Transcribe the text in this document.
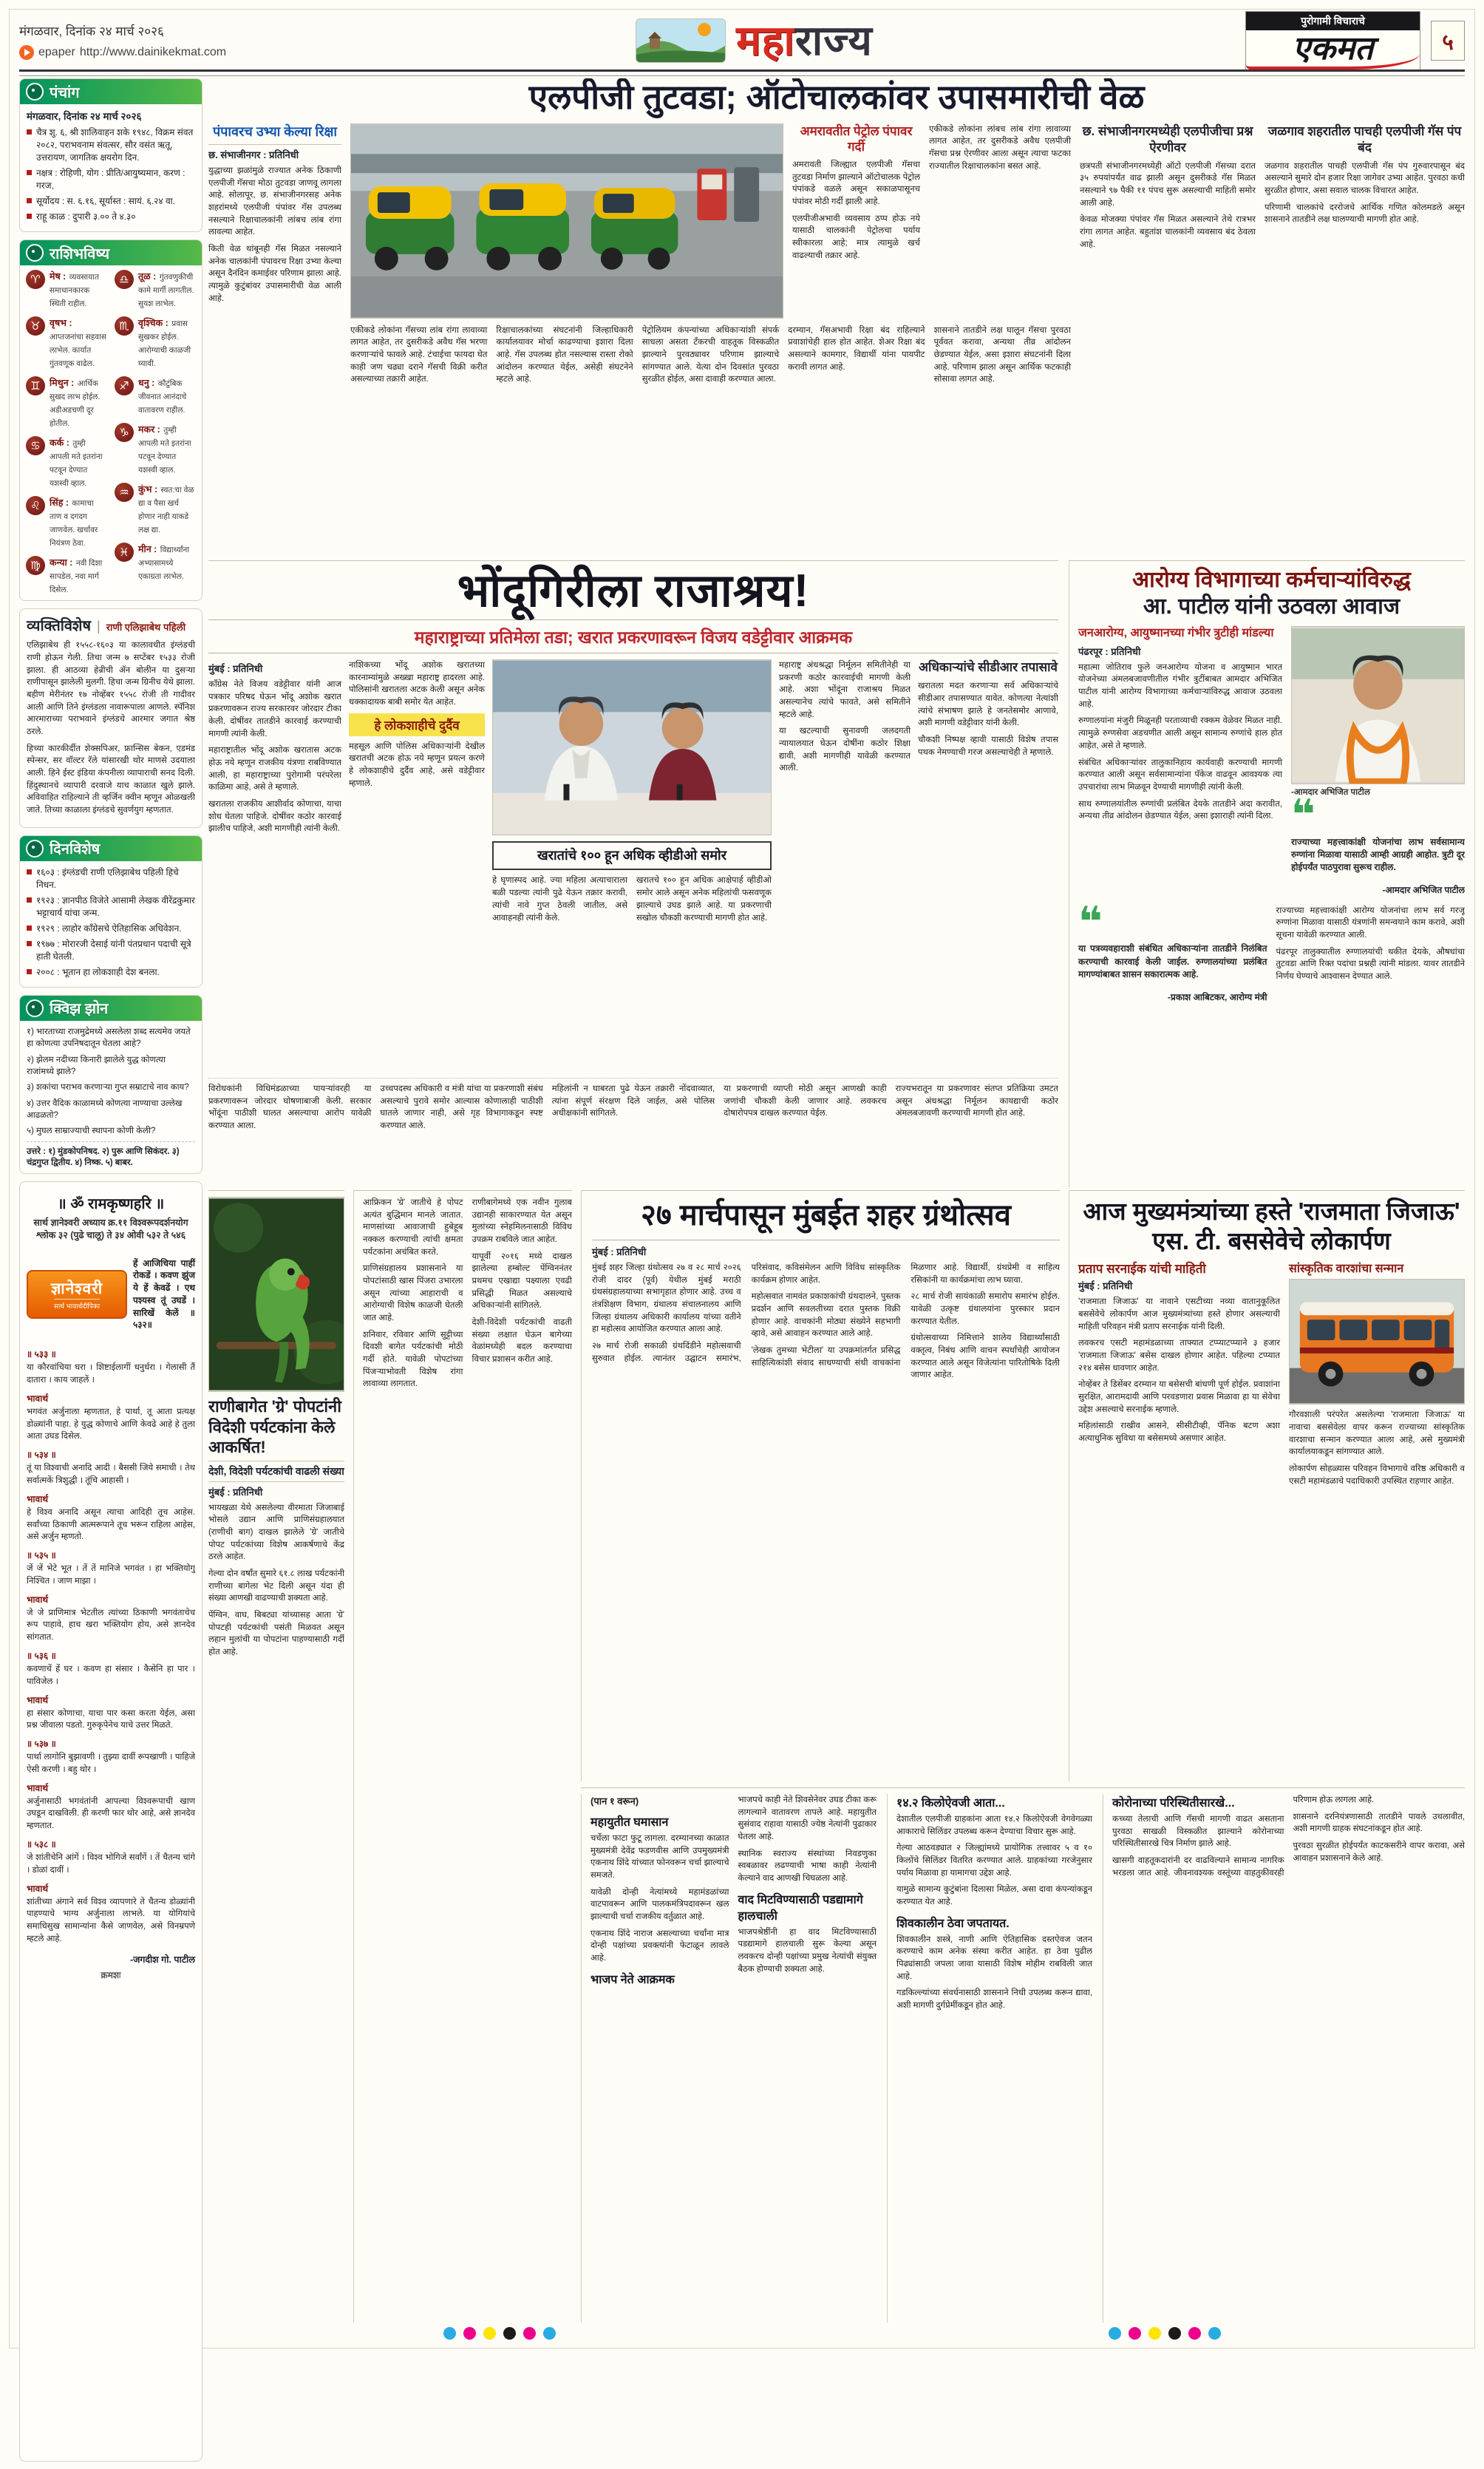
मंगळवार, दिनांक २४ मार्च २०२६
epaper http://www.dainikekmat.com	महाराज्य	पुरोगामी विचाराचे
एकमत	५
पंचांग
मंगळवार, दिनांक २४ मार्च २०२६
चैत्र शु. ६, श्री शालिवाहन शके १९४८, विक्रम संवत २०८२, पराभवनाम संवत्सर, सौर वसंत ऋतू, उत्तरायण, जागतिक क्षयरोग दिन.
नक्षत्र : रोहिणी, योग : प्रीति/आयुष्यमान, करण : गरज,
सूर्योदय : स. ६.१६, सूर्यास्त : सायं. ६.२४ वा.
राहू काळ : दुपारी ३.०० ते ४.३०
राशिभविष्य
♈ मेष : व्यवसायात समाधानकारक स्थिती राहील.
♉ वृषभ : आप्तजनांचा सहवास लाभेल. कार्यात गुंतवणूक वाढेल.
♊ मिथुन : आर्थिक सुखद लाभ होईल. अडीअडचणी दूर होतील.
♋ कर्क : तुम्ही आपली मते इतरांना पटवून देण्यात यशस्वी व्हाल.
♌ सिंह : कामाचा ताण व दगदग जाणवेल. खर्चावर नियंत्रण ठेवा.
♍ कन्या : नवी दिशा सापडेल, नवा मार्ग दिसेल.
♎ तूळ : गुंतवणुकीची कामे मार्गी लागतील. सुयश लाभेल.
♏ वृश्चिक : प्रवास सुखकर होईल. आरोग्याची काळजी घ्यावी.
♐ धनु : कौटुंबिक जीवनात आनंदाचे वातावरण राहील.
♑ मकर : तुम्ही आपली मते इतरांना पटवून देण्यात यशस्वी व्हाल.
♒ कुंभ : स्वत:चा वेळ द्या व पैसा खर्च होणार नाही याकडे लक्ष द्या.
♓ मीन : विद्यार्थ्यांना अभ्यासामध्ये एकाग्रता लाभेल.
व्यक्तिविशेष | राणी एलिझाबेथ पहिली

एलिझाबेथ ही १५५८-१६०३ या कालावधीत इंग्लंडची राणी होऊन गेली. तिचा जन्म ७ सप्टेंबर १५३३ रोजी झाला. ही आठव्या हेन्रीची ॲन बोलीन या दुसऱ्या राणीपासून झालेली मुलगी. हिचा जन्म ग्रिनीच येथे झाला. बहीण मेरीनंतर १७ नोव्हेंबर १५५८ रोजी ती गादीवर आली आणि तिने इंग्लंडला नावारूपाला आणले. स्पॅनिश आरमाराच्या पराभवाने इंग्लंडचे आरमार जगात श्रेष्ठ ठरले.

हिच्या कारकीर्दीत शेक्सपिअर, फ्रान्सिस बेकन, एडमंड स्पेन्सर, सर वॉल्टर रॅले यांसारखी थोर माणसे उदयाला आली. हिने ईस्ट इंडिया कंपनीला व्यापाराची सनद दिली. हिंदुस्थानचे व्यापारी दरवाजे याच काळात खुले झाले. अविवाहित राहिल्याने ती व्हर्जिन क्वीन म्हणून ओळखली जाते. तिच्या काळाला इंग्लंडचे सुवर्णयुग म्हणतात.

दिनविशेष
१६०३ : इंग्लंडची राणी एलिझाबेथ पहिली हिचे निधन.
१९२३ : ज्ञानपीठ विजेते आसामी लेखक वीरेंद्रकुमार भट्टाचार्य यांचा जन्म.
१९२९ : लाहोर काँग्रेसचे ऐतिहासिक अधिवेशन.
१९७७ : मोरारजी देसाई यांनी पंतप्रधान पदाची सूत्रे हाती घेतली.
२००८ : भूतान हा लोकशाही देश बनला.
क्विझ झोन
१) भारताच्या राजमुद्रेमध्ये असलेला शब्द सत्यमेव जयते हा कोणत्या उपनिषदातून घेतला आहे?
२) झेलम नदीच्या किनारी झालेले युद्ध कोणत्या राजांमध्ये झाले?
३) शकांचा पराभव करणाऱ्या गुप्त सम्राटाचे नाव काय?
४) उत्तर वैदिक काळामध्ये कोणत्या नाण्याचा उल्लेख आढळतो?
५) मुघल साम्राज्याची स्थापना कोणी केली?
उत्तरे : १) मुंडकोपनिषद. २) पुरू आणि सिकंदर. ३) चंद्रगुप्त द्वितीय. ४) निष्क. ५) बाबर.
॥ ॐ रामकृष्णहरि ॥
सार्थ ज्ञानेश्वरी अध्याय क्र.११ विश्वरूपदर्शनयोग
श्लोक ३२ (पुढे चालू) ते ३४ ओवी ५३२ ते ५४६
ज्ञानेश्वरी
सार्थ भावार्थदीपिका

हें आजिचिया पाहीं रोकडें । कवण झुंज ये हें केवढें । एथ पश्यस्व तूं उघडें । सारिखें केलें ॥५३२॥

॥ ५३३ ॥

या कौरवांचिया घरा । शिष्टाईलागीं धनुर्धरा । गेलासी तैं दातारा । काय जाहलें ।

भावार्थ

भगवंत अर्जुनाला म्हणतात, हे पार्था, तू आता प्रत्यक्ष डोळ्यांनी पाहा. हे युद्ध कोणाचे आणि केवढे आहे हे तुला आता उघड दिसेल.

॥ ५३४ ॥

तूं या विश्वाची अनादि आदी । बैससी जिये समाधी । तेथ सर्वात्मकें त्रिशुद्धी । तूंचि आहासी ।

भावार्थ

हे विश्व अनादि असून त्याचा आदिही तूच आहेस. सर्वांच्या ठिकाणी आत्मरूपाने तूच भरून राहिला आहेस, असे अर्जुन म्हणतो.

॥ ५३५ ॥

जें जें भेटे भूत । तें तें मानिजे भगवंत । हा भक्तियोगु निश्चित । जाण माझा ।

भावार्थ

जे जे प्राणिमात्र भेटतील त्यांच्या ठिकाणी भगवंताचेच रूप पाहावे, हाच खरा भक्तियोग होय, असे ज्ञानदेव सांगतात.

॥ ५३६ ॥

कवणाचें हें घर । कवण हा संसार । कैसेनि हा पार । पाविजेल ।

भावार्थ

हा संसार कोणाचा, याचा पार कसा करता येईल, असा प्रश्न जीवाला पडतो. गुरुकृपेनेच याचे उत्तर मिळते.

॥ ५३७ ॥

पार्था लागोनि बुझावणी । तुझ्या दावीं रूपखाणी । पाहिजे ऐसी करणी । बहु थोर ।

भावार्थ

अर्जुनासाठी भगवंतांनी आपल्या विश्वरूपाची खाण उघडून दाखविली. ही करणी फार थोर आहे, असे ज्ञानदेव म्हणतात.

॥ ५३८ ॥

जे शांतीचेनि आंगें । विश्व भोगिजे सर्वांगें । तें चैतन्य चांगे । डोळां दावीं ।

भावार्थ

शांतीच्या अंगाने सर्व विश्व व्यापणारे ते चैतन्य डोळ्यांनी पाहण्याचे भाग्य अर्जुनाला लाभले. या योगियांचे समाधिसुख सामान्यांना कैसे जाणवेल, असे विनम्रपणे म्हटले आहे.

-जगदीश गो. पाटील
क्रमशः
एलपीजी तुटवडा; ऑटोचालकांवर उपासमारीची वेळ
पंपावरच उभ्या केल्या रिक्षा
छ. संभाजीनगर : प्रतिनिधी

युद्धाच्या झळांमुळे राज्यात अनेक ठिकाणी एलपीजी गॅसचा मोठा तुटवडा जाणवू लागला आहे. सोलापूर, छ. संभाजीनगरसह अनेक शहरांमध्ये एलपीजी पंपांवर गॅस उपलब्ध नसल्याने रिक्षाचालकांनी लांबच लांब रांगा लावल्या आहेत.

किती वेळ थांबूनही गॅस मिळत नसल्याने अनेक चालकांनी पंपावरच रिक्षा उभ्या केल्या असून दैनंदिन कमाईवर परिणाम झाला आहे. त्यामुळे कुटुंबांवर उपासमारीची वेळ आली आहे.

अमरावतीत पेट्रोल पंपावर गर्दी

अमरावती जिल्ह्यात एलपीजी गॅसचा तुटवडा निर्माण झाल्याने ऑटोचालक पेट्रोल पंपांकडे वळले असून सकाळपासूनच पंपांवर मोठी गर्दी झाली आहे.

एलपीजीअभावी व्यवसाय ठप्प होऊ नये यासाठी चालकांनी पेट्रोलचा पर्याय स्वीकारला आहे; मात्र त्यामुळे खर्च वाढल्याची तक्रार आहे.

एकीकडे लोकांना लांबच लांब रांगा लावाव्या लागत आहेत, तर दुसरीकडे अवैध एलपीजी गॅसचा प्रश्न ऐरणीवर आला असून त्याचा फटका राज्यातील रिक्षाचालकांना बसत आहे.

छ. संभाजीनगरमध्येही एलपीजीचा प्रश्न ऐरणीवर

छत्रपती संभाजीनगरमध्येही ऑटो एलपीजी गॅसच्या दरात ३५ रुपयांपर्यंत वाढ झाली असून दुसरीकडे गॅस मिळत नसल्याने ९७ पैकी ११ पंपच सुरू असल्याची माहिती समोर आली आहे.

केवळ मोजक्या पंपांवर गॅस मिळत असल्याने तेथे रात्रभर रांगा लागत आहेत. बहुतांश चालकांनी व्यवसाय बंद ठेवला आहे.

जळगाव शहरातील पाचही एलपीजी गॅस पंप बंद

जळगाव शहरातील पाचही एलपीजी गॅस पंप गुरुवारपासून बंद असल्याने सुमारे दोन हजार रिक्षा जागेवर उभ्या आहेत. पुरवठा कधी सुरळीत होणार, असा सवाल चालक विचारत आहेत.

परिणामी चालकांचे दररोजचे आर्थिक गणित कोलमडले असून शासनाने तातडीने लक्ष घालण्याची मागणी होत आहे.

एकीकडे लोकांना गॅसच्या लांब रांगा लावाव्या लागत आहेत, तर दुसरीकडे अवैध गॅस भरणा करणाऱ्यांचे फावले आहे. टंचाईचा फायदा घेत काही जण चढ्या दराने गॅसची विक्री करीत असल्याच्या तक्रारी आहेत.

रिक्षाचालकांच्या संघटनांनी जिल्हाधिकारी कार्यालयावर मोर्चा काढण्याचा इशारा दिला आहे. गॅस उपलब्ध होत नसल्यास रास्ता रोको आंदोलन करण्यात येईल, असेही संघटनेने म्हटले आहे.

पेट्रोलियम कंपन्यांच्या अधिकाऱ्यांशी संपर्क साधला असता टँकरची वाहतूक विस्कळीत झाल्याने पुरवठ्यावर परिणाम झाल्याचे सांगण्यात आले. येत्या दोन दिवसांत पुरवठा सुरळीत होईल, असा दावाही करण्यात आला.

दरम्यान, गॅसअभावी रिक्षा बंद राहिल्याने प्रवाशांचेही हाल होत आहेत. शेअर रिक्षा बंद असल्याने कामगार, विद्यार्थी यांना पायपीट करावी लागत आहे.

शासनाने तातडीने लक्ष घालून गॅसचा पुरवठा पूर्ववत करावा, अन्यथा तीव्र आंदोलन छेडण्यात येईल, असा इशारा संघटनांनी दिला आहे. परिणाम झाला असून आर्थिक फटकाही सोसावा लागत आहे.

भोंदूगिरीला राजाश्रय!
महाराष्ट्राच्या प्रतिमेला तडा; खरात प्रकरणावरून विजय वडेट्टीवार आक्रमक
मुंबई : प्रतिनिधी

काँग्रेस नेते विजय वडेट्टीवार यांनी आज पत्रकार परिषद घेऊन भोंदू अशोक खरात प्रकरणावरून राज्य सरकारवर जोरदार टीका केली. दोषींवर तातडीने कारवाई करण्याची मागणी त्यांनी केली.

महाराष्ट्रातील भोंदू अशोक खरातास अटक होऊ नये म्हणून राजकीय यंत्रणा राबविण्यात आली, हा महाराष्ट्राच्या पुरोगामी परंपरेला काळिमा आहे, असे ते म्हणाले.

खरातला राजकीय आशीर्वाद कोणाचा, याचा शोध घेतला पाहिजे. दोषींवर कठोर कारवाई झालीच पाहिजे, अशी मागणीही त्यांनी केली.

नाशिकच्या भोंदू अशोक खरातच्या कारनाम्यांमुळे अख्खा महाराष्ट्र हादरला आहे. पोलिसांनी खरातला अटक केली असून अनेक धक्कादायक बाबी समोर येत आहेत.

हे लोकशाहीचे दुर्दैव

महसूल आणि पोलिस अधिकाऱ्यांनी देखील खरातची अटक होऊ नये म्हणून प्रयत्न करणे हे लोकशाहीचे दुर्दैव आहे, असे वडेट्टीवार म्हणाले.

खरातांचे १०० हून अधिक व्हीडीओ समोर

हे घृणास्पद आहे. ज्या महिला अत्याचाराला बळी पडल्या त्यांनी पुढे येऊन तक्रार करावी, त्यांची नावे गुप्त ठेवली जातील, असे आवाहनही त्यांनी केले.

खरातचे १०० हून अधिक आक्षेपार्ह व्हीडीओ समोर आले असून अनेक महिलांची फसवणूक झाल्याचे उघड झाले आहे. या प्रकरणाची सखोल चौकशी करण्याची मागणी होत आहे.

महाराष्ट्र अंधश्रद्धा निर्मूलन समितीनेही या प्रकरणी कठोर कारवाईची मागणी केली आहे. अशा भोंदूंना राजाश्रय मिळत असल्यानेच त्यांचे फावते, असे समितीने म्हटले आहे.

या खटल्याची सुनावणी जलदगती न्यायालयात घेऊन दोषींना कठोर शिक्षा द्यावी, अशी मागणीही यावेळी करण्यात आली.

अधिकाऱ्यांचे सीडीआर तपासावे

खरातला मदत करणाऱ्या सर्व अधिकाऱ्यांचे सीडीआर तपासण्यात यावेत. कोणत्या नेत्यांशी त्यांचे संभाषण झाले हे जनतेसमोर आणावे, अशी मागणी वडेट्टीवार यांनी केली.

चौकशी निष्पक्ष व्हावी यासाठी विशेष तपास पथक नेमण्याची गरज असल्याचेही ते म्हणाले.

विरोधकांनी विधिमंडळाच्या पायऱ्यांवरही या प्रकरणावरून जोरदार घोषणाबाजी केली. सरकार भोंदूंना पाठीशी घालत असल्याचा आरोप यावेळी करण्यात आला.

उच्चपदस्थ अधिकारी व मंत्री यांचा या प्रकरणाशी संबंध असल्याचे पुरावे समोर आल्यास कोणालाही पाठीशी घातले जाणार नाही, असे गृह विभागाकडून स्पष्ट करण्यात आले.

महिलांनी न घाबरता पुढे येऊन तक्रारी नोंदवाव्यात, त्यांना संपूर्ण संरक्षण दिले जाईल, असे पोलिस अधीक्षकांनी सांगितले.

या प्रकरणाची व्याप्ती मोठी असून आणखी काही जणांची चौकशी केली जाणार आहे. लवकरच दोषारोपपत्र दाखल करण्यात येईल.

राज्यभरातून या प्रकरणावर संतप्त प्रतिक्रिया उमटत असून अंधश्रद्धा निर्मूलन कायद्याची कठोर अंमलबजावणी करण्याची मागणी होत आहे.

आरोग्य विभागाच्या कर्मचाऱ्यांविरुद्ध
आ. पाटील यांनी उठवला आवाज
जनआरोग्य, आयुष्मानच्या गंभीर त्रुटीही मांडल्या
पंढरपूर : प्रतिनिधी

महात्मा जोतिराव फुले जनआरोग्य योजना व आयुष्मान भारत योजनेच्या अंमलबजावणीतील गंभीर त्रुटींबाबत आमदार अभिजित पाटील यांनी आरोग्य विभागाच्या कर्मचाऱ्यांविरुद्ध आवाज उठवला आहे.

रुग्णालयांना मंजुरी मिळूनही परताव्याची रक्कम वेळेवर मिळत नाही. त्यामुळे रुग्णसेवा अडचणीत आली असून सामान्य रुग्णांचे हाल होत आहेत, असे ते म्हणाले.

संबंधित अधिकाऱ्यांवर तालुकानिहाय कार्यवाही करण्याची मागणी करण्यात आली असून सर्वसामान्यांना पॅकेज वाढवून आवश्यक त्या उपचारांचा लाभ मिळवून देण्याची मागणीही त्यांनी केली.

साथ रुग्णालयांतील रुग्णांची प्रलंबित देयके तातडीने अदा करावीत, अन्यथा तीव्र आंदोलन छेडण्यात येईल, असा इशाराही त्यांनी दिला.

-आमदार अभिजित पाटील
❝

राज्याच्या महत्त्वाकांक्षी योजनांचा लाभ सर्वसामान्य रुग्णांना मिळावा यासाठी आम्ही आग्रही आहोत. त्रुटी दूर होईपर्यंत पाठपुरावा सुरूच राहील.

-आमदार अभिजित पाटील
❝

या पत्रव्यवहाराशी संबंधित अधिकाऱ्यांना तातडीने निलंबित करण्याची कारवाई केली जाईल. रुग्णालयांच्या प्रलंबित मागण्यांबाबत शासन सकारात्मक आहे.

-प्रकाश आबिटकर, आरोग्य मंत्री

राज्याच्या महत्त्वाकांक्षी आरोग्य योजनांचा लाभ सर्व गरजू रुग्णांना मिळावा यासाठी यंत्रणांनी समन्वयाने काम करावे, अशी सूचना यावेळी करण्यात आली.

पंढरपूर तालुक्यातील रुग्णालयांची थकीत देयके, औषधांचा तुटवडा आणि रिक्त पदांचा प्रश्नही त्यांनी मांडला. यावर तातडीने निर्णय घेण्याचे आश्वासन देण्यात आले.

राणीबागेत 'ग्रे' पोपटांनी विदेशी पर्यटकांना केले आकर्षित!
देशी, विदेशी पर्यटकांची वाढली संख्या
मुंबई : प्रतिनिधी

भायखळा येथे असलेल्या वीरमाता जिजाबाई भोसले उद्यान आणि प्राणिसंग्रहालयात (राणीची बाग) दाखल झालेले 'ग्रे' जातीचे पोपट पर्यटकांच्या विशेष आकर्षणाचे केंद्र ठरले आहेत.

गेल्या दोन वर्षांत सुमारे ६१.८ लाख पर्यटकांनी राणीच्या बागेला भेट दिली असून यंदा ही संख्या आणखी वाढण्याची शक्यता आहे.

पेंग्विन, वाघ, बिबट्या यांच्यासह आता 'ग्रे' पोपटही पर्यटकांची पसंती मिळवत असून लहान मुलांची या पोपटांना पाहण्यासाठी गर्दी होत आहे.

आफ्रिकन 'ग्रे' जातीचे हे पोपट अत्यंत बुद्धिमान मानले जातात. माणसांच्या आवाजाची हुबेहूब नक्कल करण्याची त्यांची क्षमता पर्यटकांना अचंबित करते.

प्राणिसंग्रहालय प्रशासनाने या पोपटांसाठी खास पिंजरा उभारला असून त्यांच्या आहाराची व आरोग्याची विशेष काळजी घेतली जात आहे.

शनिवार, रविवार आणि सुट्टीच्या दिवशी बागेत पर्यटकांची मोठी गर्दी होते. यावेळी पोपटांच्या पिंजऱ्याभोवती विशेष रांगा लावाव्या लागतात.

राणीबागेमध्ये एक नवीन गुलाब उद्यानही साकारण्यात येत असून मुलांच्या स्नेहमिलनासाठी विविध उपक्रम राबविले जात आहेत.

यापूर्वी २०१६ मध्ये दाखल झालेल्या हम्बोल्ट पेंग्विननंतर प्रथमच एखाद्या पक्ष्याला एवढी प्रसिद्धी मिळत असल्याचे अधिकाऱ्यांनी सांगितले.

देशी-विदेशी पर्यटकांची वाढती संख्या लक्षात घेऊन बागेच्या वेळांमध्येही बदल करण्याचा विचार प्रशासन करीत आहे.

२७ मार्चपासून मुंबईत शहर ग्रंथोत्सव
मुंबई : प्रतिनिधी

मुंबई शहर जिल्हा ग्रंथोत्सव २७ व २८ मार्च २०२६ रोजी दादर (पूर्व) येथील मुंबई मराठी ग्रंथसंग्रहालयाच्या सभागृहात होणार आहे. उच्च व तंत्रशिक्षण विभाग, ग्रंथालय संचालनालय आणि जिल्हा ग्रंथालय अधिकारी कार्यालय यांच्या वतीने हा महोत्सव आयोजित करण्यात आला आहे.

२७ मार्च रोजी सकाळी ग्रंथदिंडीने महोत्सवाची सुरुवात होईल. त्यानंतर उद्घाटन समारंभ, परिसंवाद, कविसंमेलन आणि विविध सांस्कृतिक कार्यक्रम होणार आहेत.

महोत्सवात नामवंत प्रकाशकांची ग्रंथदालने, पुस्तक प्रदर्शन आणि सवलतीच्या दरात पुस्तक विक्री होणार आहे. वाचकांनी मोठ्या संख्येने सहभागी व्हावे, असे आवाहन करण्यात आले आहे.

'लेखक तुमच्या भेटीला' या उपक्रमांतर्गत प्रसिद्ध साहित्यिकांशी संवाद साधण्याची संधी वाचकांना मिळणार आहे. विद्यार्थी, ग्रंथप्रेमी व साहित्य रसिकांनी या कार्यक्रमांचा लाभ घ्यावा.

२८ मार्च रोजी सायंकाळी समारोप समारंभ होईल. यावेळी उत्कृष्ट ग्रंथालयांना पुरस्कार प्रदान करण्यात येतील.

ग्रंथोत्सवाच्या निमित्ताने शालेय विद्यार्थ्यांसाठी वक्तृत्व, निबंध आणि वाचन स्पर्धांचेही आयोजन करण्यात आले असून विजेत्यांना पारितोषिके दिली जाणार आहेत.

आज मुख्यमंत्र्यांच्या हस्ते 'राजमाता जिजाऊ' एस. टी. बससेवेचे लोकार्पण
प्रताप सरनाईक यांची माहिती
मुंबई : प्रतिनिधी

'राजमाता जिजाऊ' या नावाने एसटीच्या नव्या वातानुकूलित बससेवेचे लोकार्पण आज मुख्यमंत्र्यांच्या हस्ते होणार असल्याची माहिती परिवहन मंत्री प्रताप सरनाईक यांनी दिली.

लवकरच एसटी महामंडळाच्या ताफ्यात टप्प्याटप्प्याने ३ हजार 'राजमाता जिजाऊ' बसेस दाखल होणार आहेत. पहिल्या टप्प्यात २१४ बसेस धावणार आहेत.

नोव्हेंबर ते डिसेंबर दरम्यान या बसेसची बांधणी पूर्ण होईल. प्रवाशांना सुरक्षित, आरामदायी आणि परवडणारा प्रवास मिळावा हा या सेवेचा उद्देश असल्याचे सरनाईक म्हणाले.

महिलांसाठी राखीव आसने, सीसीटीव्ही, पॅनिक बटण अशा अत्याधुनिक सुविधा या बसेसमध्ये असणार आहेत.

सांस्कृतिक वारशांचा सन्मान

गौरवशाली परंपरेत असलेल्या 'राजमाता जिजाऊ' या नावाचा बससेवेला वापर करून राज्याच्या सांस्कृतिक वारशाचा सन्मान करण्यात आला आहे, असे मुख्यमंत्री कार्यालयाकडून सांगण्यात आले.

लोकार्पण सोहळ्यास परिवहन विभागाचे वरिष्ठ अधिकारी व एसटी महामंडळाचे पदाधिकारी उपस्थित राहणार आहेत.

(पान १ वरून)
महायुतीत घमासान

चर्चेला फाटा फुटू लागला. दरम्यानच्या काळात मुख्यमंत्री देवेंद्र फडणवीस आणि उपमुख्यमंत्री एकनाथ शिंदे यांच्यात फोनवरून चर्चा झाल्याचे समजते.

यावेळी दोन्ही नेत्यांमध्ये महामंडळांच्या वाटपावरून आणि पालकमंत्रिपदावरून खल झाल्याची चर्चा राजकीय वर्तुळात आहे.

एकनाथ शिंदे नाराज असल्याच्या चर्चांना मात्र दोन्ही पक्षांच्या प्रवक्त्यांनी फेटाळून लावले आहे.

भाजप नेते आक्रमक

भाजपचे काही नेते शिवसेनेवर उघड टीका करू लागल्याने वातावरण तापले आहे. महायुतीत सुसंवाद राहावा यासाठी ज्येष्ठ नेत्यांनी पुढाकार घेतला आहे.

स्थानिक स्वराज्य संस्थांच्या निवडणुका स्वबळावर लढण्याची भाषा काही नेत्यांनी केल्याने वाद आणखी चिघळला आहे.

वाद मिटविण्यासाठी पडद्यामागे हालचाली

भाजपश्रेष्ठींनी हा वाद मिटविण्यासाठी पडद्यामागे हालचाली सुरू केल्या असून लवकरच दोन्ही पक्षांच्या प्रमुख नेत्यांची संयुक्त बैठक होण्याची शक्यता आहे.

१४.२ किलोऐवजी आता...

देशातील एलपीजी ग्राहकांना आता १४.२ किलोऐवजी वेगवेगळ्या आकाराचे सिलिंडर उपलब्ध करून देण्याचा विचार सुरू आहे.

गेल्या आठवड्यात २ जिल्ह्यांमध्ये प्रायोगिक तत्त्वावर ५ व १० किलोंचे सिलिंडर वितरित करण्यात आले. ग्राहकांच्या गरजेनुसार पर्याय मिळावा हा यामागचा उद्देश आहे.

यामुळे सामान्य कुटुंबांना दिलासा मिळेल, असा दावा कंपन्यांकडून करण्यात येत आहे.

शिवकालीन ठेवा जपतायत.

शिवकालीन शस्त्रे, नाणी आणि ऐतिहासिक दस्तऐवज जतन करण्याचे काम अनेक संस्था करीत आहेत. हा ठेवा पुढील पिढ्यांसाठी जपला जावा यासाठी विशेष मोहीम राबविली जात आहे.

गडकिल्ल्यांच्या संवर्धनासाठी शासनाने निधी उपलब्ध करून द्यावा, अशी मागणी दुर्गप्रेमींकडून होत आहे.

कोरोनाच्या परिस्थितीसारखे...

कच्च्या तेलाची आणि गॅसची मागणी वाढत असताना पुरवठा साखळी विस्कळीत झाल्याने कोरोनाच्या परिस्थितीसारखे चित्र निर्माण झाले आहे.

खासगी वाहतूकदारांनी दर वाढविल्याने सामान्य नागरिक भरडला जात आहे. जीवनावश्यक वस्तूंच्या वाहतुकीवरही परिणाम होऊ लागला आहे.

शासनाने दरनियंत्रणासाठी तातडीने पावले उचलावीत, अशी मागणी ग्राहक संघटनांकडून होत आहे.

पुरवठा सुरळीत होईपर्यंत काटकसरीने वापर करावा, असे आवाहन प्रशासनाने केले आहे.
